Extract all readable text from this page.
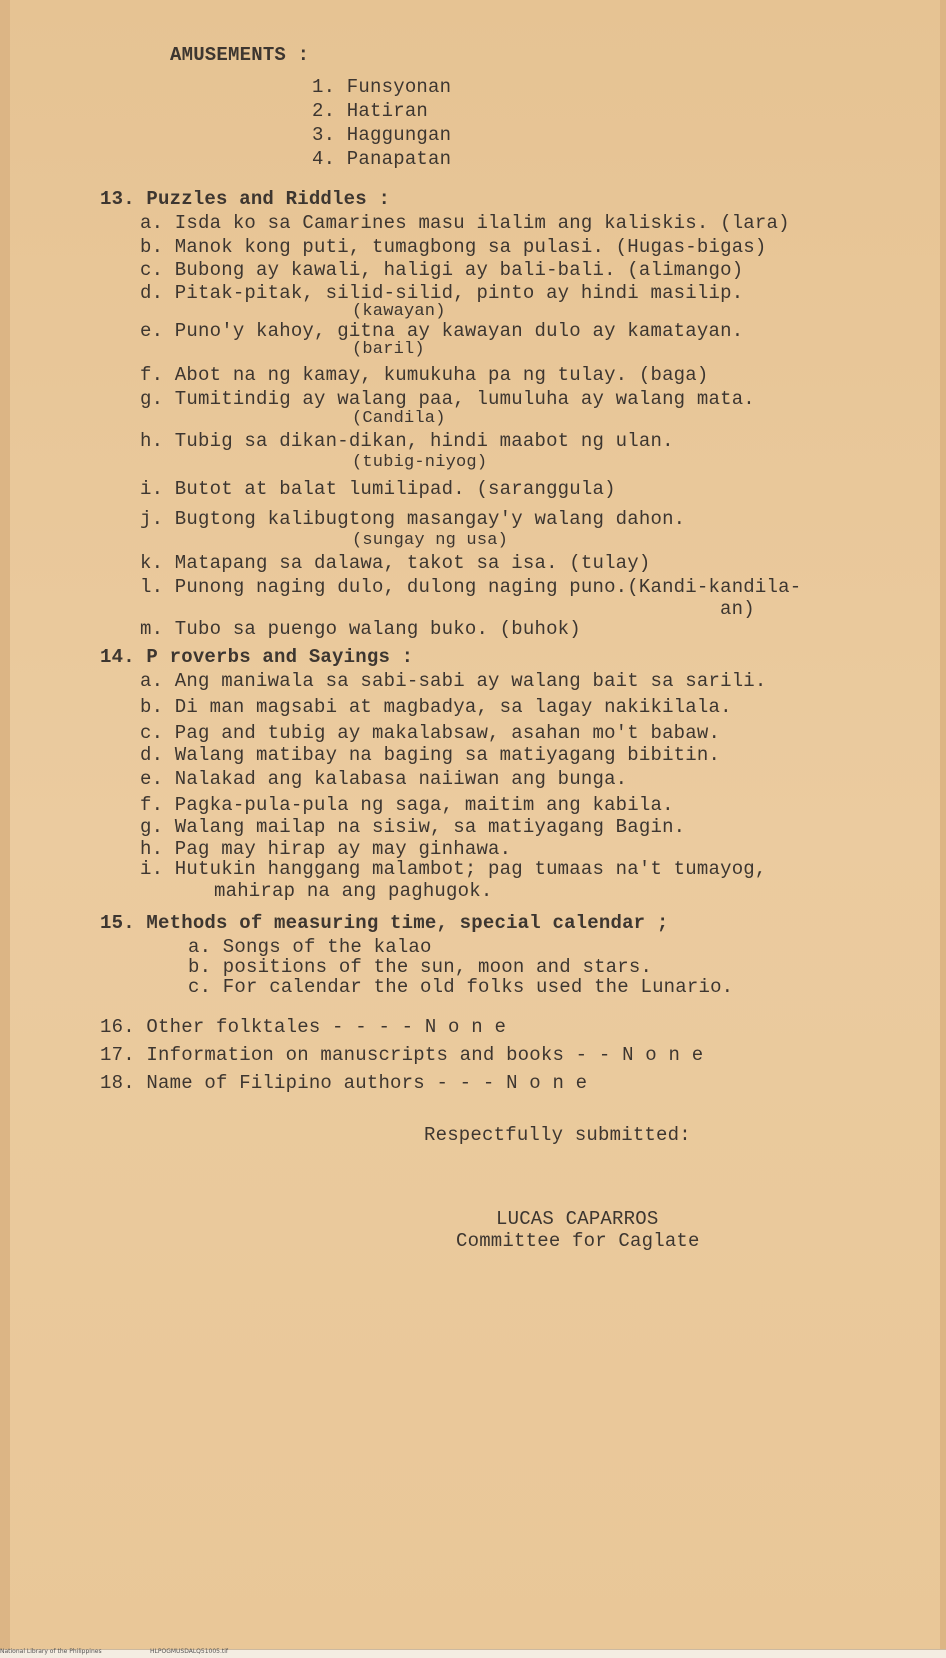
AMUSEMENTS :
1. Funsyonan
2. Hatiran
3. Haggungan
4. Panapatan
13. Puzzles and Riddles :
a. Isda ko sa Camarines masu ilalim ang kaliskis. (lara)
b. Manok kong puti, tumagbong sa pulasi. (Hugas-bigas)
c. Bubong ay kawali, haligi ay bali-bali. (alimango)
d. Pitak-pitak, silid-silid, pinto ay hindi masilip.
(kawayan)
e. Puno'y kahoy, gitna ay kawayan dulo ay kamatayan.
(baril)
f. Abot na ng kamay, kumukuha pa ng tulay. (baga)
g. Tumitindig ay walang paa, lumuluha ay walang mata.
(Candila)
h. Tubig sa dikan-dikan, hindi maabot ng ulan.
(tubig-niyog)
i. Butot at balat lumilipad. (saranggula)
j. Bugtong kalibugtong masangay'y walang dahon.
(sungay ng usa)
k. Matapang sa dalawa, takot sa isa. (tulay)
l. Punong naging dulo, dulong naging puno.(Kandi-kandila-
an)
m. Tubo sa puengo walang buko. (buhok)
14. P roverbs and Sayings :
a. Ang maniwala sa sabi-sabi ay walang bait sa sarili.
b. Di man magsabi at magbadya, sa lagay nakikilala.
c. Pag and tubig ay makalabsaw, asahan mo't babaw.
d. Walang matibay na baging sa matiyagang bibitin.
e. Nalakad ang kalabasa naiiwan ang bunga.
f. Pagka-pula-pula ng saga, maitim ang kabila.
g. Walang mailap na sisiw, sa matiyagang Bagin.
h. Pag may hirap ay may ginhawa.
i. Hutukin hanggang malambot; pag tumaas na't tumayog,
mahirap na ang paghugok.
15. Methods of measuring time, special calendar ;
a. Songs of the kalao
b. positions of the sun, moon and stars.
c. For calendar the old folks used the Lunario.
16. Other folktales - - - - N o n e
17. Information on manuscripts and books - - N o n e
18. Name of Filipino authors - - - N o n e
Respectfully submitted:
LUCAS CAPARROS
Committee for Caglate
National Library of the Philippines	HLPOGMUSDALQ51005.tif
